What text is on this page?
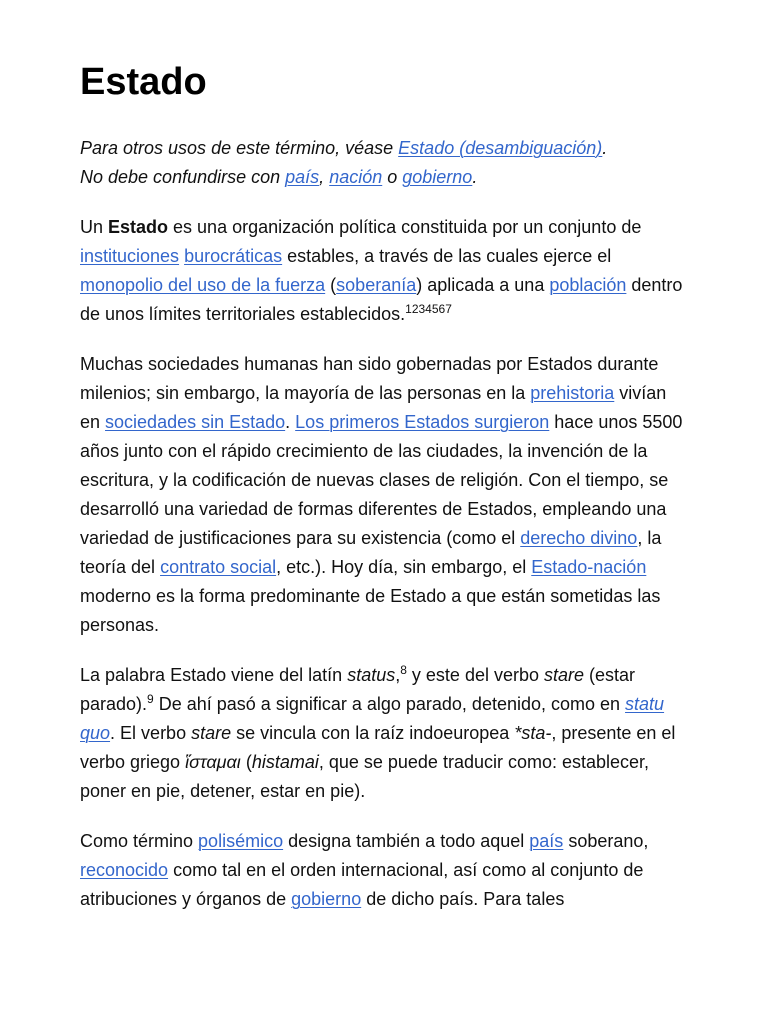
Estado
Para otros usos de este término, véase Estado (desambiguación).
No debe confundirse con país, nación o gobierno.

Un Estado es una organización política constituida por un conjunto de instituciones burocráticas estables, a través de las cuales ejerce el monopolio del uso de la fuerza (soberanía) aplicada a una población dentro de unos límites territoriales establecidos.$^{1234567}$

Muchas sociedades humanas han sido gobernadas por Estados durante milenios; sin embargo, la mayoría de las personas en la prehistoria vivían en sociedades sin Estado. Los primeros Estados surgieron hace unos 5500 años junto con el rápido crecimiento de las ciudades, la invención de la escritura, y la codificación de nuevas clases de religión. Con el tiempo, se desarrolló una variedad de formas diferentes de Estados, empleando una variedad de justificaciones para su existencia (como el derecho divino, la teoría del contrato social, etc.). Hoy día, sin embargo, el Estado-nación moderno es la forma predominante de Estado a que están sometidas las personas.

La palabra Estado viene del latín status,$^8$ y este del verbo stare (estar parado).$^9$ De ahí pasó a significar a algo parado, detenido, como en statu quo. El verbo stare se vincula con la raíz indoeuropea *sta-, presente en el verbo griego ἵσταμαι (histamai, que se puede traducir como: establecer, poner en pie, detener, estar en pie).

Como término polisémico designa también a todo aquel país soberano, reconocido como tal en el orden internacional, así como al conjunto de atribuciones y órganos de gobierno de dicho país. Para tales
